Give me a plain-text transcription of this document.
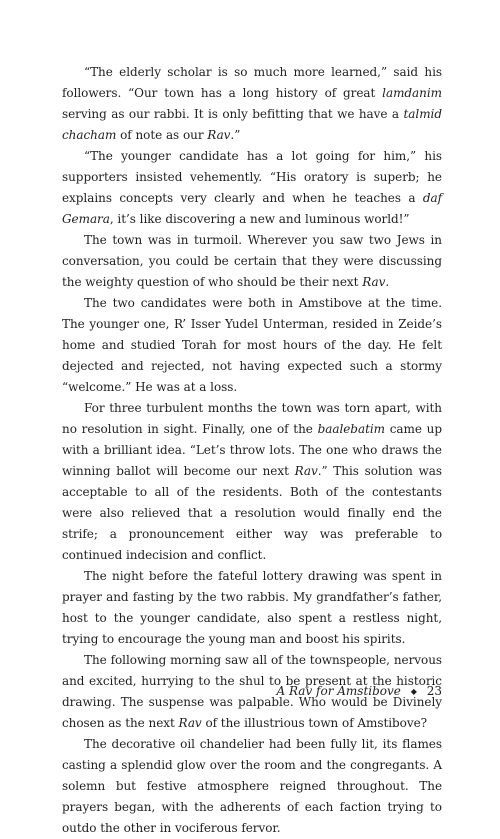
“The elderly scholar is so much more learned,” said his followers. “Our town has a long history of great lamdanim serving as our rabbi. It is only befitting that we have a talmid chacham of note as our Rav.”

“The younger candidate has a lot going for him,” his supporters insisted vehemently. “His oratory is superb; he explains concepts very clearly and when he teaches a daf Gemara, it’s like discovering a new and luminous world!”

The town was in turmoil. Wherever you saw two Jews in conversation, you could be certain that they were discussing the weighty question of who should be their next Rav.

The two candidates were both in Amstibove at the time. The younger one, R’ Isser Yudel Unterman, resided in Zeide’s home and studied Torah for most hours of the day. He felt dejected and rejected, not having expected such a stormy “welcome.” He was at a loss.

For three turbulent months the town was torn apart, with no resolution in sight. Finally, one of the baalebatim came up with a brilliant idea. “Let’s throw lots. The one who draws the winning ballot will become our next Rav.” This solution was acceptable to all of the residents. Both of the contestants were also relieved that a resolution would finally end the strife; a pronouncement either way was preferable to continued indecision and conflict.

The night before the fateful lottery drawing was spent in prayer and fasting by the two rabbis. My grandfather’s father, host to the younger candidate, also spent a restless night, trying to encourage the young man and boost his spirits.

The following morning saw all of the townspeople, nervous and excited, hurrying to the shul to be present at the historic drawing. The suspense was palpable. Who would be Divinely chosen as the next Rav of the illustrious town of Amstibove?

The decorative oil chandelier had been fully lit, its flames casting a splendid glow over the room and the congregants. A solemn but festive atmosphere reigned throughout. The prayers began, with the adherents of each faction trying to outdo the other in vociferous fervor.

A Rav for Amstibove ◆ 23
